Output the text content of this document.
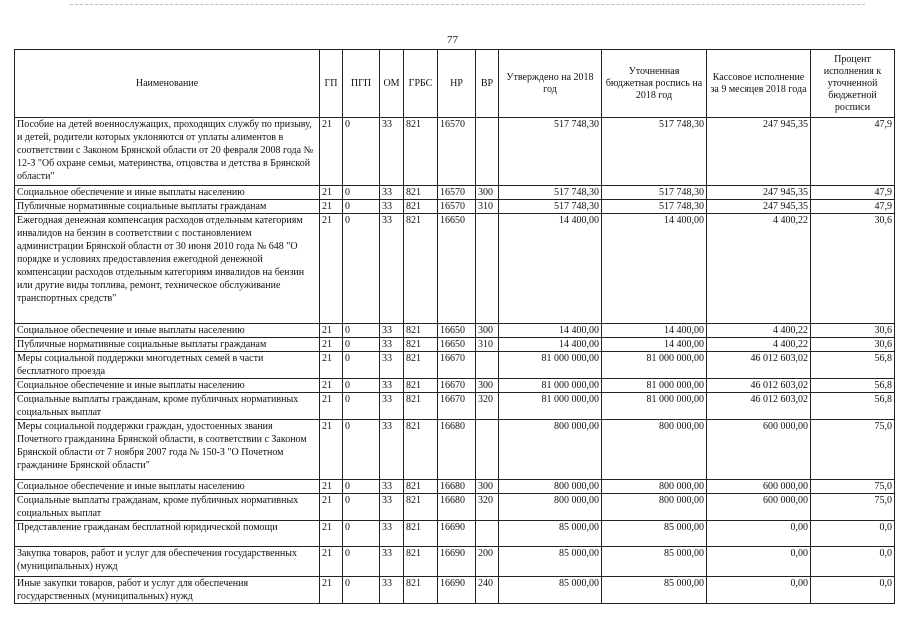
77
Наименование	ГП	ПГП	ОМ	ГРБС	НР	ВР	Утверждено на 2018 год	Уточненная бюджетная роспись на 2018 год	Кассовое исполнение за 9 месяцев 2018 года	Процент исполнения к уточненной бюджетной росписи
Пособие на детей военнослужащих, проходящих службу по призыву, и детей, родители которых уклоняются от уплаты алиментов в соответствии с Законом Брянской области от 20 февраля 2008 года № 12-З "Об охране семьи, материнства, отцовства и детства в Брянской области"	21	0	33	821	16570		517 748,30	517 748,30	247 945,35	47,9
Социальное обеспечение и иные выплаты населению	21	0	33	821	16570	300	517 748,30	517 748,30	247 945,35	47,9
Публичные нормативные социальные выплаты гражданам	21	0	33	821	16570	310	517 748,30	517 748,30	247 945,35	47,9
Ежегодная денежная компенсация расходов отдельным категориям инвалидов на бензин в соответствии с постановлением администрации Брянской области от 30 июня 2010 года № 648 "О порядке и условиях предоставления ежегодной денежной компенсации расходов отдельным категориям инвалидов на бензин или другие виды топлива, ремонт, техническое обслуживание транспортных средств"	21	0	33	821	16650		14 400,00	14 400,00	4 400,22	30,6
Социальное обеспечение и иные выплаты населению	21	0	33	821	16650	300	14 400,00	14 400,00	4 400,22	30,6
Публичные нормативные социальные выплаты гражданам	21	0	33	821	16650	310	14 400,00	14 400,00	4 400,22	30,6
Меры социальной поддержки многодетных семей в части бесплатного проезда	21	0	33	821	16670		81 000 000,00	81 000 000,00	46 012 603,02	56,8
Социальное обеспечение и иные выплаты населению	21	0	33	821	16670	300	81 000 000,00	81 000 000,00	46 012 603,02	56,8
Социальные выплаты гражданам, кроме публичных нормативных социальных выплат	21	0	33	821	16670	320	81 000 000,00	81 000 000,00	46 012 603,02	56,8
Меры социальной поддержки граждан, удостоенных звания Почетного гражданина Брянской области, в соответствии с Законом Брянской области от 7 ноября 2007 года № 150-З "О Почетном гражданине Брянской области"	21	0	33	821	16680		800 000,00	800 000,00	600 000,00	75,0
Социальное обеспечение и иные выплаты населению	21	0	33	821	16680	300	800 000,00	800 000,00	600 000,00	75,0
Социальные выплаты гражданам, кроме публичных нормативных социальных выплат	21	0	33	821	16680	320	800 000,00	800 000,00	600 000,00	75,0
Представление гражданам бесплатной юридической помощи	21	0	33	821	16690		85 000,00	85 000,00	0,00	0,0
Закупка товаров, работ и услуг для обеспечения государственных (муниципальных) нужд	21	0	33	821	16690	200	85 000,00	85 000,00	0,00	0,0
Иные закупки товаров, работ и услуг для обеспечения государственных (муниципальных) нужд	21	0	33	821	16690	240	85 000,00	85 000,00	0,00	0,0
